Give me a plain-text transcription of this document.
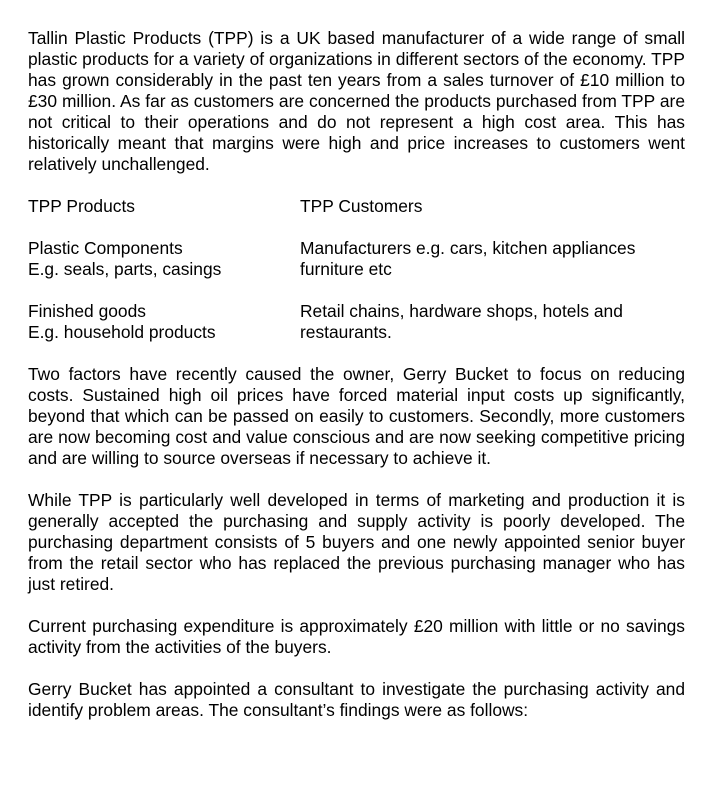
Tallin Plastic Products (TPP) is a UK based manufacturer of a wide range of small plastic products for a variety of organizations in different sectors of the economy. TPP has grown considerably in the past ten years from a sales turnover of £10 million to £30 million. As far as customers are concerned the products purchased from TPP are not critical to their operations and do not represent a high cost area. This has historically meant that margins were high and price increases to customers went relatively unchallenged.

TPP Products	TPP Customers
Plastic Components
E.g. seals, parts, casings
Manufacturers e.g. cars, kitchen appliances
furniture etc
Finished goods
E.g. household products
Retail chains, hardware shops, hotels and
restaurants.

Two factors have recently caused the owner, Gerry Bucket to focus on reducing costs. Sustained high oil prices have forced material input costs up significantly, beyond that which can be passed on easily to customers. Secondly, more customers are now becoming cost and value conscious and are now seeking competitive pricing and are willing to source overseas if necessary to achieve it.

While TPP is particularly well developed in terms of marketing and production it is generally accepted the purchasing and supply activity is poorly developed. The purchasing department consists of 5 buyers and one newly appointed senior buyer from the retail sector who has replaced the previous purchasing manager who has just retired.

Current purchasing expenditure is approximately £20 million with little or no savings activity from the activities of the buyers.

Gerry Bucket has appointed a consultant to investigate the purchasing activity and identify problem areas. The consultant’s findings were as follows:
